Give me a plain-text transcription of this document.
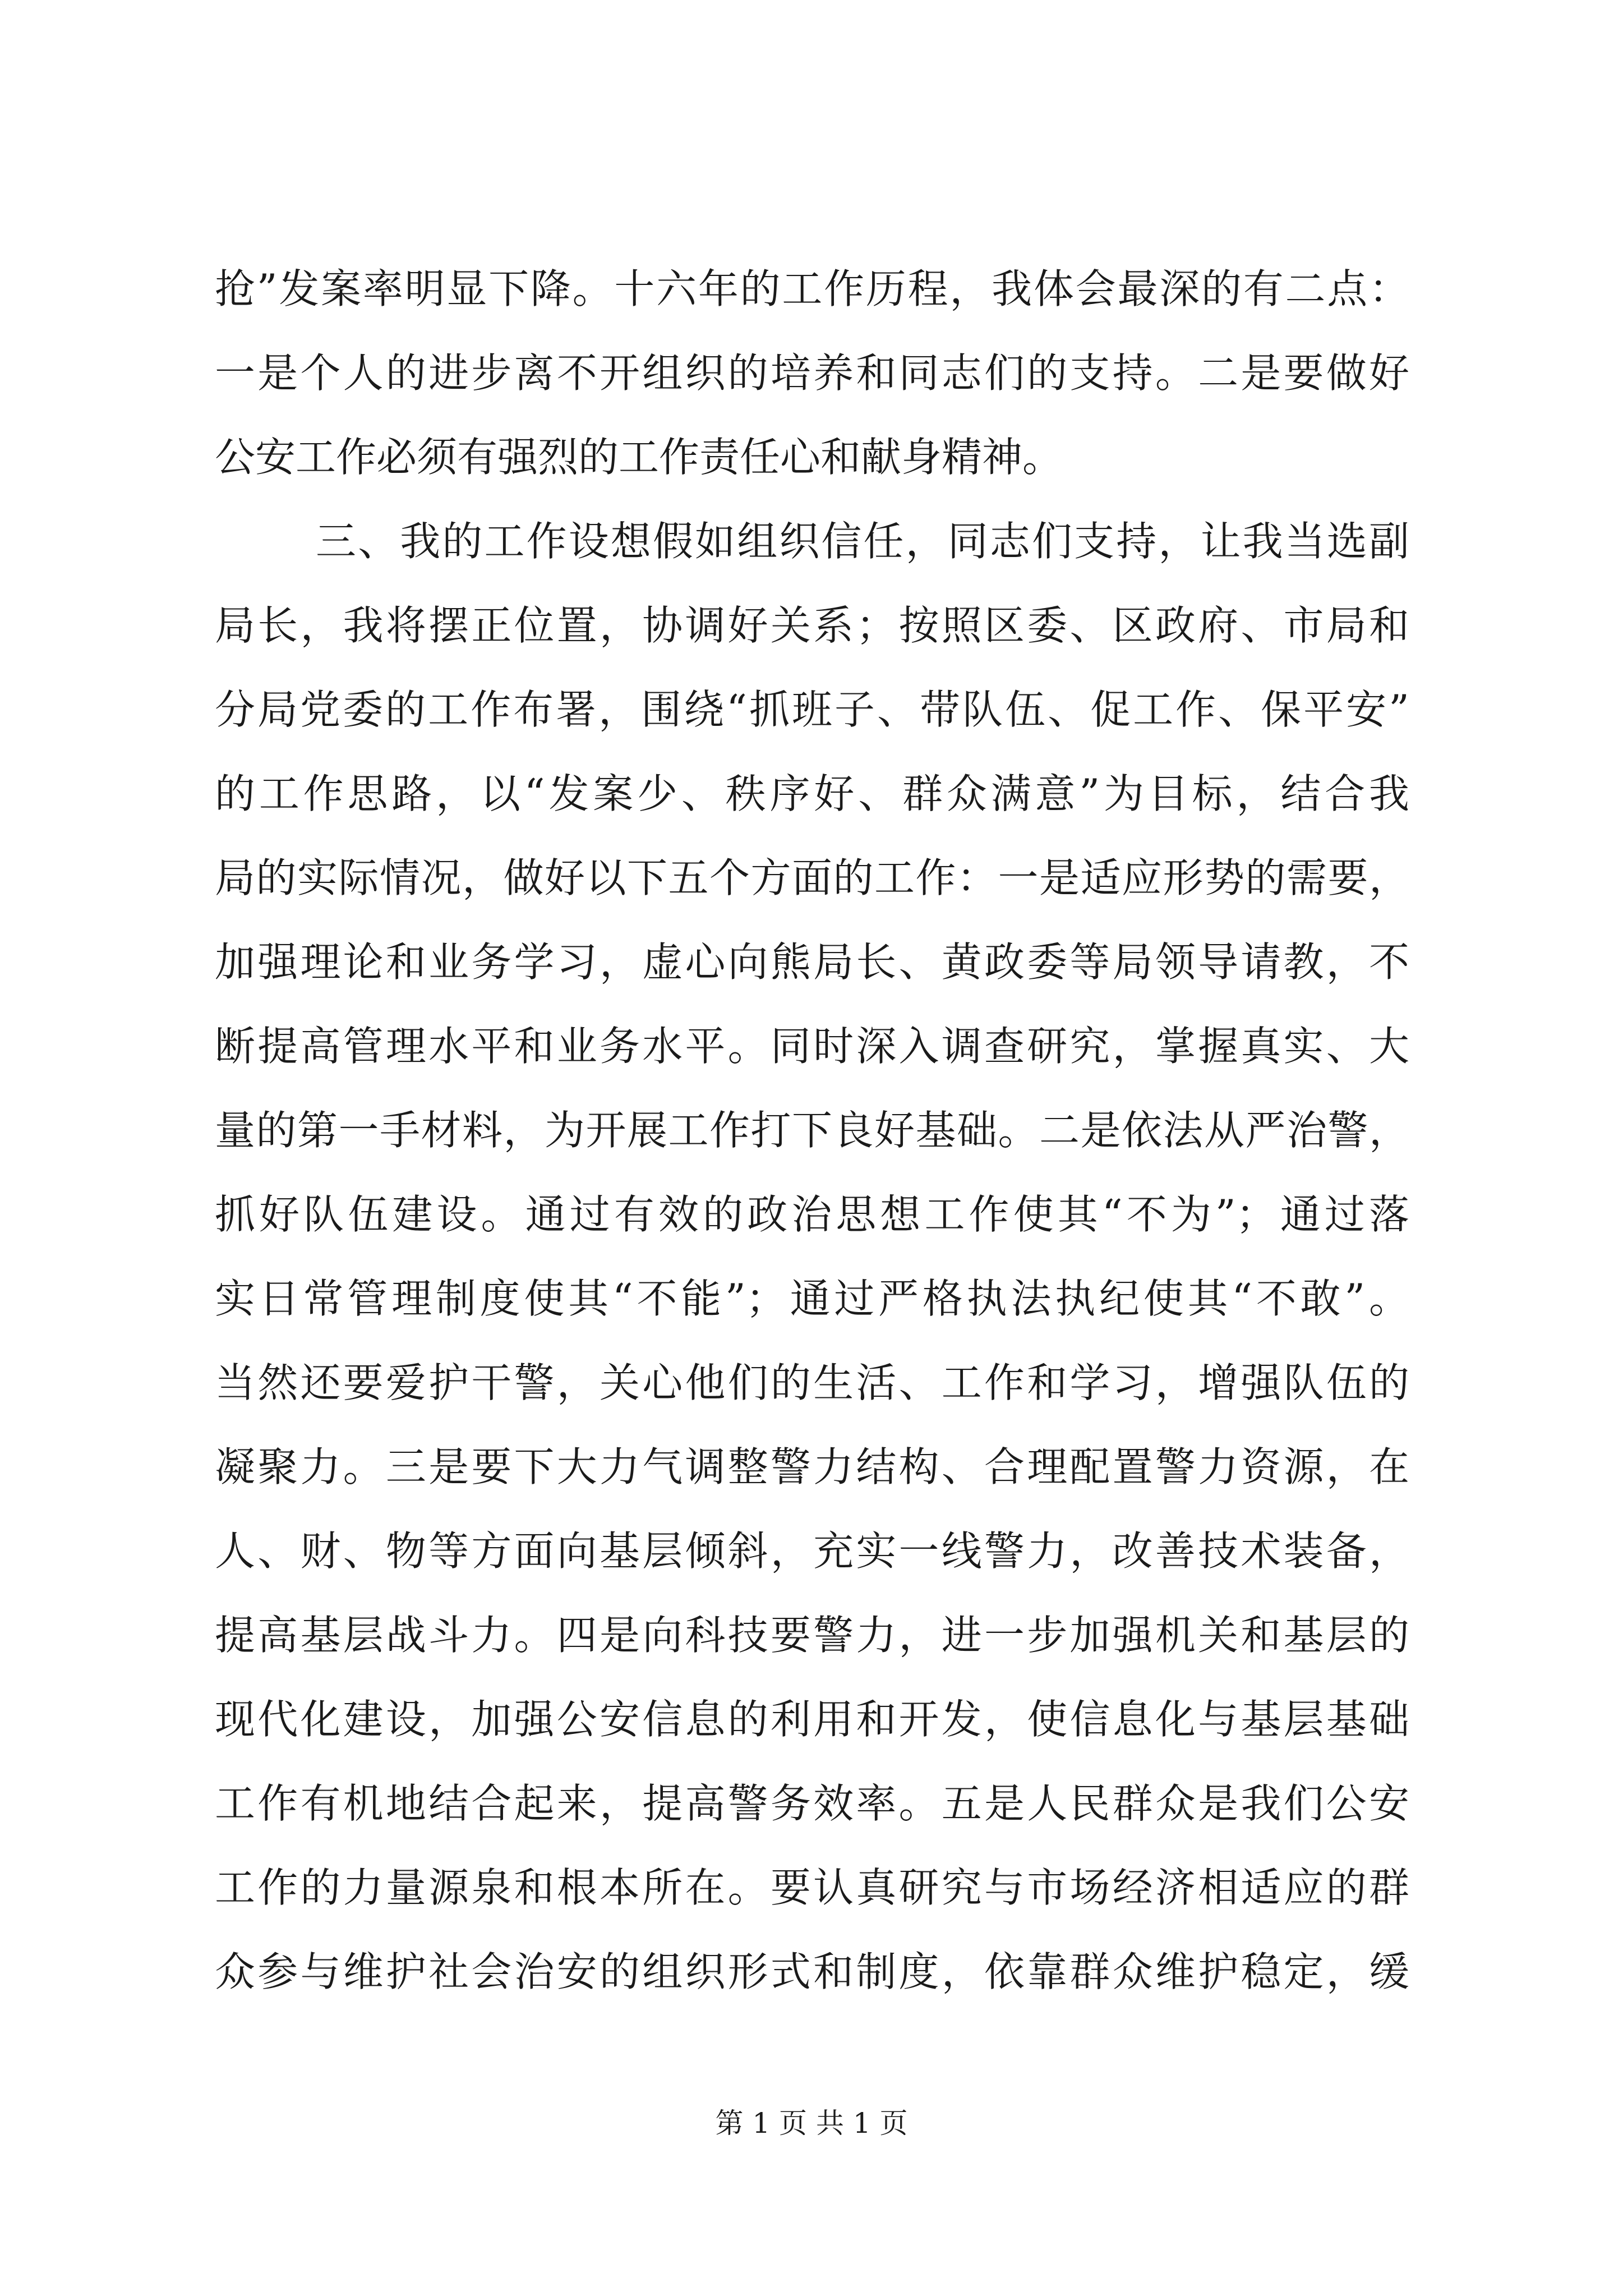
抢”发案率明显下降。十六年的工作历程，我体会最深的有二点：
一是个人的进步离不开组织的培养和同志们的支持。二是要做好
公安工作必须有强烈的工作责任心和献身精神。
三、我的工作设想假如组织信任，同志们支持，让我当选副
局长，我将摆正位置，协调好关系；按照区委、区政府、市局和
分局党委的工作布署，围绕“抓班子、带队伍、促工作、保平安”
的工作思路，以“发案少、秩序好、群众满意”为目标，结合我
局的实际情况，做好以下五个方面的工作：一是适应形势的需要，
加强理论和业务学习，虚心向熊局长、黄政委等局领导请教，不
断提高管理水平和业务水平。同时深入调查研究，掌握真实、大
量的第一手材料，为开展工作打下良好基础。二是依法从严治警，
抓好队伍建设。通过有效的政治思想工作使其“不为”；通过落
实日常管理制度使其“不能”；通过严格执法执纪使其“不敢”。
当然还要爱护干警，关心他们的生活、工作和学习，增强队伍的
凝聚力。三是要下大力气调整警力结构、合理配置警力资源，在
人、财、物等方面向基层倾斜，充实一线警力，改善技术装备，
提高基层战斗力。四是向科技要警力，进一步加强机关和基层的
现代化建设，加强公安信息的利用和开发，使信息化与基层基础
工作有机地结合起来，提高警务效率。五是人民群众是我们公安
工作的力量源泉和根本所在。要认真研究与市场经济相适应的群
众参与维护社会治安的组织形式和制度，依靠群众维护稳定，缓
第 1 页 共 1 页
